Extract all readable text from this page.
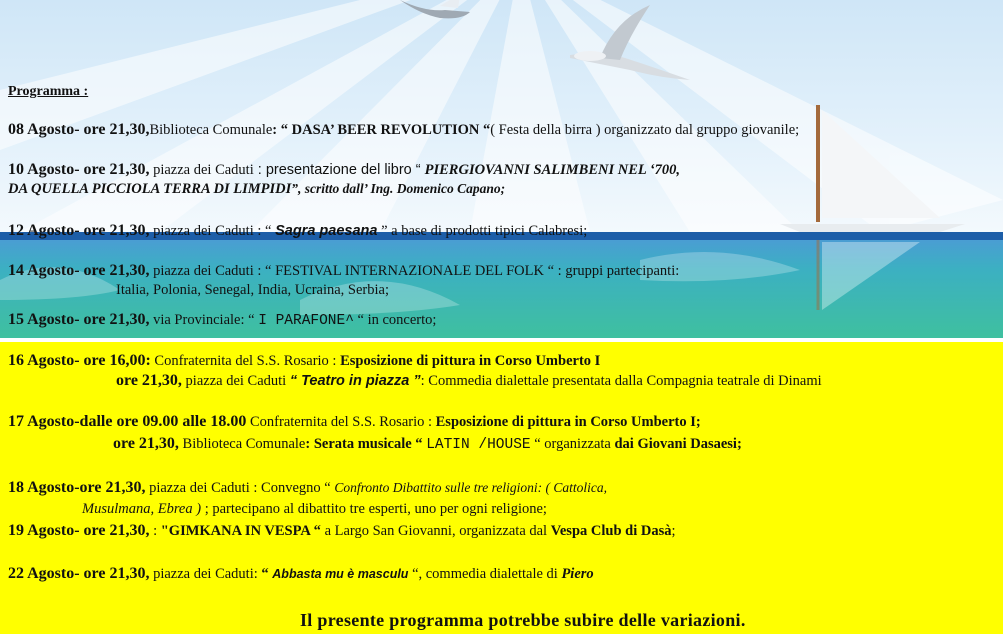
Programma :
08 Agosto- ore 21,30,Biblioteca Comunale: “ DASA’ BEER REVOLUTION “( Festa della birra ) organizzato dal gruppo giovanile;
10 Agosto- ore 21,30, piazza dei Caduti : presentazione del libro “ PIERGIOVANNI SALIMBENI NEL ‘700,
DA QUELLA PICCIOLA TERRA DI LIMPIDI”, scritto dall’ Ing. Domenico Capano;
12 Agosto- ore 21,30, piazza dei Caduti : “ Sagra paesana ” a base di prodotti tipici Calabresi;
14 Agosto- ore 21,30, piazza dei Caduti : “ FESTIVAL INTERNAZIONALE DEL FOLK “ : gruppi partecipanti:
Italia, Polonia, Senegal, India, Ucraina, Serbia;
15 Agosto- ore 21,30, via Provinciale: “ I PARAFONE^ “ in concerto;
16 Agosto- ore 16,00: Confraternita del S.S. Rosario : Esposizione di pittura in Corso Umberto I
ore 21,30, piazza dei Caduti “ Teatro in piazza ”: Commedia dialettale presentata dalla Compagnia teatrale di Dinami
17 Agosto-dalle ore 09.00 alle 18.00 Confraternita del S.S. Rosario : Esposizione di pittura in Corso Umberto I;
ore 21,30, Biblioteca Comunale: Serata musicale “ LATIN /HOUSE “ organizzata dai Giovani Dasaesi;
18 Agosto-ore 21,30, piazza dei Caduti : Convegno “ Confronto Dibattito sulle tre religioni: ( Cattolica,
Musulmana, Ebrea ) ; partecipano al dibattito tre esperti, uno per ogni religione;
19 Agosto- ore 21,30, : "GIMKANA IN VESPA “ a Largo San Giovanni, organizzata dal Vespa Club di Dasà;
22 Agosto- ore 21,30, piazza dei Caduti: “ Abbasta mu è masculu “, commedia dialettale di Piero
Il presente programma potrebbe subire delle variazioni.
